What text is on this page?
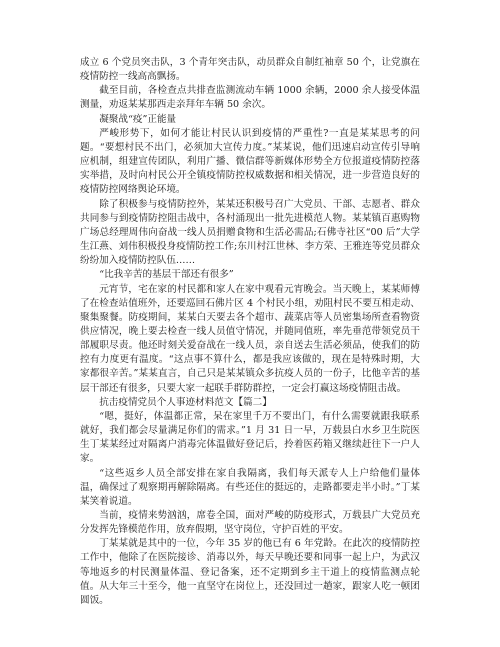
成立 6 个党员突击队，3 个青年突击队，动员群众自制红袖章 50 个，让党旗在疫情防控一线高高飘扬。

截至目前，各检查点共排查监测流动车辆 1000 余辆，2000 余人接受体温测量，劝返某某那西走亲拜年车辆 50 余次。

凝聚战“疫”正能量

严峻形势下，如何才能让村民认识到疫情的严重性?一直是某某思考的问题。“要想村民不出门，必须加大宣传力度。”某某说，他们迅速启动宣传引导响应机制，组建宣传团队，利用广播、微信群等新媒体形势全方位报道疫情防控落实举措，及时向村民公开全镇疫情防控权威数据和相关情况，进一步营造良好的疫情防控网络舆论环境。

除了积极参与疫情防控外，某某还积极号召广大党员、干部、志愿者、群众共同参与到疫情防控阻击战中，各村涌现出一批先进模范人物。某某镇百惠购物广场总经理周伟向奋战一线人员捐赠食物和生活必需品;石佛寺社区“00 后”大学生江燕、刘伟积极投身疫情防控工作;东川村江世林、李方荣、王雅连等党员群众纷纷加入疫情防控队伍……

“比我辛苦的基层干部还有很多”

元宵节，宅在家的村民都和家人在家中观看元宵晚会。当天晚上，某某师傅了在检查站值班外，还要巡回石佛片区 4 个村民小组，劝阻村民不要互相走动、聚集聚餐。防疫期间，某某白天要去各个超市、蔬菜店等人员密集场所查看物资供应情况，晚上要去检查一线人员值守情况，并随同值班，率先垂范带领党员干部履职尽责。他还时刻关爱奋战在一线人员，亲自送去生活必须品，使我们的防控有力度更有温度。“这点事不算什么，都是我应该做的，现在是特殊时期，大家都很辛苦。”某某直言，自己只是某某镇众多抗疫人员的一份子，比他辛苦的基层干部还有很多，只要大家一起联手群防群控，一定会打赢这场疫情阻击战。

抗击疫情党员个人事迹材料范文【篇二】

“嗯，挺好，体温都正常，呆在家里千万不要出门，有什么需要就跟我联系就好，我们都会尽量满足你们的需求。”1 月 31 日一早，万载县白水乡卫生院医生丁某某经过对隔离户消毒完体温做好登记后，拎着医药箱又继续赶往下一户人家。

“这些返乡人员全部安排在家自我隔离，我们每天派专人上户给他们量体温，确保过了观察期再解除隔离。有些还住的挺远的，走路都要走半小时。”丁某某笑着说道。

当前，疫情来势汹汹，席卷全国，面对严峻的防疫形式，万载县广大党员充分发挥先锋模范作用，放弃假期，坚守岗位，守护百姓的平安。

丁某某就是其中的一位，今年 35 岁的他已有 6 年党龄。在此次的疫情防控工作中，他除了在医院接诊、消毒以外，每天早晚还要和同事一起上户，为武汉等地返乡的村民测量体温、登记备案，还不定期到乡主干道上的疫情监测点轮值。从大年三十至今，他一直坚守在岗位上，还没回过一趟家，跟家人吃一顿团圆饭。
